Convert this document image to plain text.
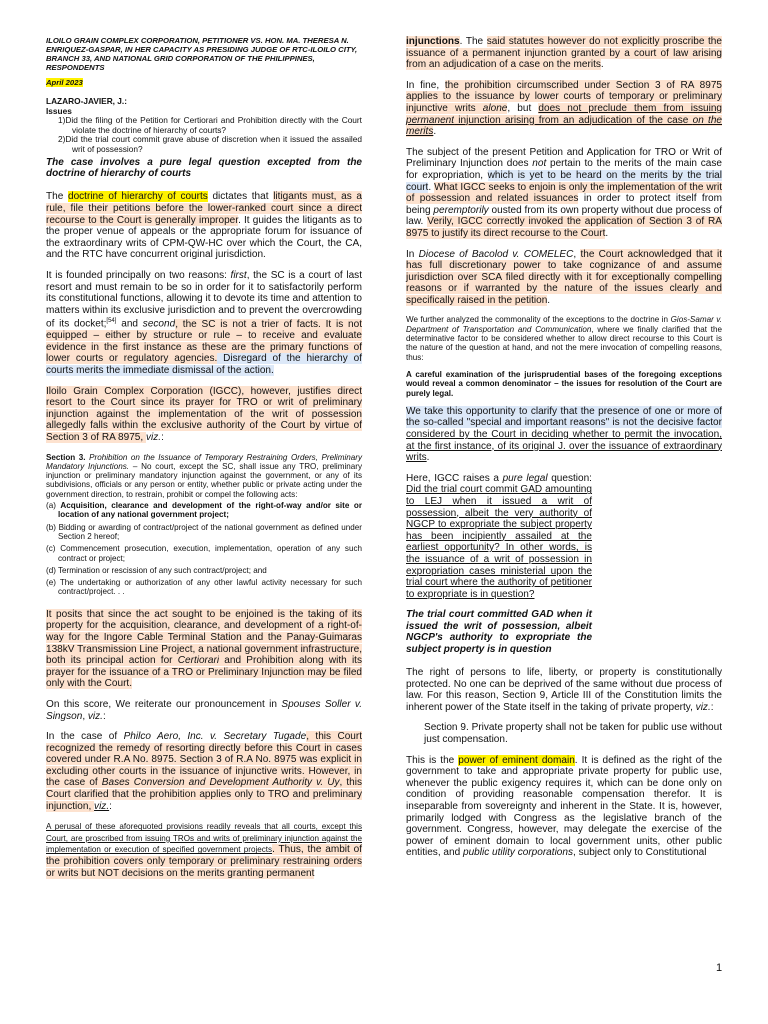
ILOILO GRAIN COMPLEX CORPORATION, PETITIONER VS. HON. MA. THERESA N. ENRIQUEZ-GASPAR, IN HER CAPACITY AS PRESIDING JUDGE OF RTC-ILOILO CITY, BRANCH 33, AND NATIONAL GRID CORPORATION OF THE PHILIPPINES, RESPONDENTS

April 2023

LAZARO-JAVIER, J.:

Issues

1)Did the filing of the Petition for Certiorari and Prohibition directly with the Court violate the doctrine of hierarchy of courts?

2)Did the trial court commit grave abuse of discretion when it issued the assailed writ of possession?

The case involves a pure legal question excepted from the doctrine of hierarchy of courts

The doctrine of hierarchy of courts dictates that litigants must, as a rule, file their petitions before the lower-ranked court since a direct recourse to the Court is generally improper. It guides the litigants as to the proper venue of appeals or the appropriate forum for issuance of the extraordinary writs of CPM-QW-HC over which the Court, the CA, and the RTC have concurrent original jurisdiction.

It is founded principally on two reasons: first, the SC is a court of last resort and must remain to be so in order for it to satisfactorily perform its constitutional functions, allowing it to devote its time and attention to matters within its exclusive jurisdiction and to prevent the overcrowding of its docket;[54] and second, the SC is not a trier of facts. It is not equipped – either by structure or rule – to receive and evaluate evidence in the first instance as these are the primary functions of lower courts or regulatory agencies. Disregard of the hierarchy of courts merits the immediate dismissal of the action.

Iloilo Grain Complex Corporation (IGCC), however, justifies direct resort to the Court since its prayer for TRO or writ of preliminary injunction against the implementation of the writ of possession allegedly falls within the exclusive authority of the Court by virtue of Section 3 of RA 8975, viz.:

Section 3. Prohibition on the Issuance of Temporary Restraining Orders, Preliminary Mandatory Injunctions. – No court, except the SC, shall issue any TRO, preliminary injunction or preliminary mandatory injunction against the government, or any of its subdivisions, officials or any person or entity, whether public or private acting under the government direction, to restrain, prohibit or compel the following acts:

(a) Acquisition, clearance and development of the right-of-way and/or site or location of any national government project;

(b) Bidding or awarding of contract/project of the national government as defined under Section 2 hereof;

(c) Commencement prosecution, execution, implementation, operation of any such contract or project;

(d) Termination or rescission of any such contract/project; and

(e) The undertaking or authorization of any other lawful activity necessary for such contract/project. . .

It posits that since the act sought to be enjoined is the taking of its property for the acquisition, clearance, and development of a right-of-way for the Ingore Cable Terminal Station and the Panay-Guimaras 138kV Transmission Line Project, a national government infrastructure, both its principal action for Certiorari and Prohibition along with its prayer for the issuance of a TRO or Preliminary Injunction may be filed only with the Court.

On this score, We reiterate our pronouncement in Spouses Soller v. Singson, viz.:

In the case of Philco Aero, Inc. v. Secretary Tugade, this Court recognized the remedy of resorting directly before this Court in cases covered under R.A No. 8975. Section 3 of R.A No. 8975 was explicit in excluding other courts in the issuance of injunctive writs. However, in the case of Bases Conversion and Development Authority v. Uy, this Court clarified that the prohibition applies only to TRO and preliminary injunction, viz.:

A perusal of these aforequoted provisions readily reveals that all courts, except this Court, are proscribed from issuing TROs and writs of preliminary injunction against the implementation or execution of specified government projects. Thus, the ambit of the prohibition covers only temporary or preliminary restraining orders or writs but NOT decisions on the merits granting permanent

injunctions. The said statutes however do not explicitly proscribe the issuance of a permanent injunction granted by a court of law arising from an adjudication of a case on the merits.

In fine, the prohibition circumscribed under Section 3 of RA 8975 applies to the issuance by lower courts of temporary or preliminary injunctive writs alone, but does not preclude them from issuing permanent injunction arising from an adjudication of the case on the merits.

The subject of the present Petition and Application for TRO or Writ of Preliminary Injunction does not pertain to the merits of the main case for expropriation, which is yet to be heard on the merits by the trial court. What IGCC seeks to enjoin is only the implementation of the writ of possession and related issuances in order to protect itself from being peremptorily ousted from its own property without due process of law. Verily, IGCC correctly invoked the application of Section 3 of RA 8975 to justify its direct recourse to the Court.

In Diocese of Bacolod v. COMELEC, the Court acknowledged that it has full discretionary power to take cognizance of and assume jurisdiction over SCA filed directly with it for exceptionally compelling reasons or if warranted by the nature of the issues clearly and specifically raised in the petition.

We further analyzed the commonality of the exceptions to the doctrine in Gios-Samar v. Department of Transportation and Communication, where we finally clarified that the determinative factor to be considered whether to allow direct recourse to this Court is the nature of the question at hand, and not the mere invocation of compelling reasons, thus:

A careful examination of the jurisprudential bases of the foregoing exceptions would reveal a common denominator – the issues for resolution of the Court are purely legal.

We take this opportunity to clarify that the presence of one or more of the so-called "special and important reasons" is not the decisive factor considered by the Court in deciding whether to permit the invocation, at the first instance, of its original J. over the issuance of extraordinary writs.

Here, IGCC raises a pure legal question: Did the trial court commit GAD amounting to LEJ when it issued a writ of possession, albeit the very authority of NGCP to expropriate the subject property has been incipiently assailed at the earliest opportunity? In other words, is the issuance of a writ of possession in expropriation cases ministerial upon the trial court where the authority of petitioner to expropriate is in question?

The trial court committed GAD when it issued the writ of possession, albeit NGCP's authority to expropriate the subject property is in question

The right of persons to life, liberty, or property is constitutionally protected. No one can be deprived of the same without due process of law. For this reason, Section 9, Article III of the Constitution limits the inherent power of the State itself in the taking of private property, viz.:

Section 9. Private property shall not be taken for public use without just compensation.

This is the power of eminent domain. It is defined as the right of the government to take and appropriate private property for public use, whenever the public exigency requires it, which can be done only on condition of providing reasonable compensation therefor. It is inseparable from sovereignty and inherent in the State. It is, however, primarily lodged with Congress as the legislative branch of the government. Congress, however, may delegate the exercise of the power of eminent domain to local government units, other public entities, and public utility corporations, subject only to Constitutional

1
